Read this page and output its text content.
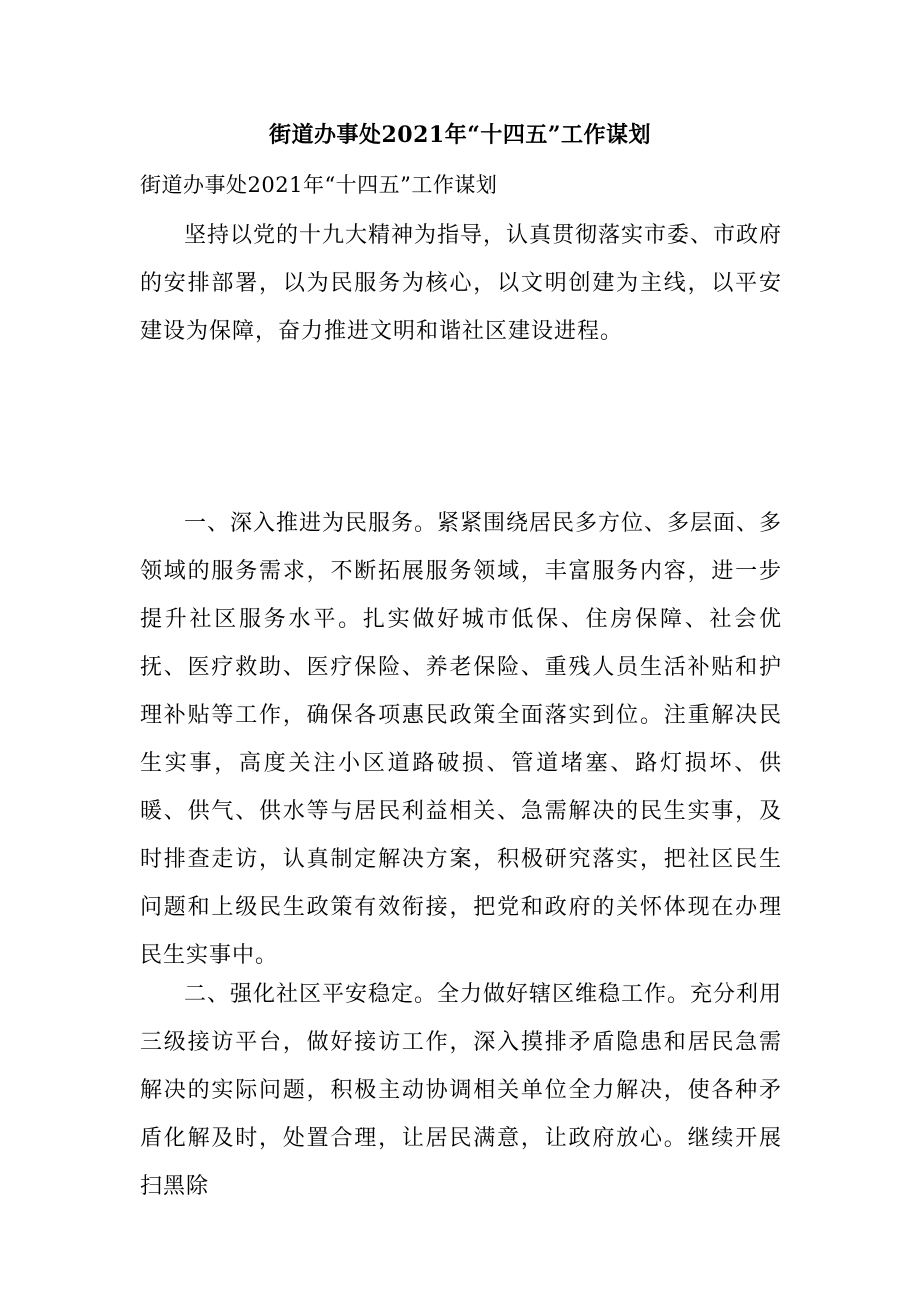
街道办事处2021年“十四五”工作谋划
街道办事处2021年“十四五”工作谋划

坚持以党的十九大精神为指导，认真贯彻落实市委、市政府的安排部署，以为民服务为核心，以文明创建为主线，以平安建设为保障，奋力推进文明和谐社区建设进程。

一、深入推进为民服务。紧紧围绕居民多方位、多层面、多领域的服务需求，不断拓展服务领域，丰富服务内容，进一步提升社区服务水平。扎实做好城市低保、住房保障、社会优抚、医疗救助、医疗保险、养老保险、重残人员生活补贴和护理补贴等工作，确保各项惠民政策全面落实到位。注重解决民生实事，高度关注小区道路破损、管道堵塞、路灯损坏、供暖、供气、供水等与居民利益相关、急需解决的民生实事，及时排查走访，认真制定解决方案，积极研究落实，把社区民生问题和上级民生政策有效衔接，把党和政府的关怀体现在办理民生实事中。

二、强化社区平安稳定。全力做好辖区维稳工作。充分利用三级接访平台，做好接访工作，深入摸排矛盾隐患和居民急需解决的实际问题，积极主动协调相关单位全力解决，使各种矛盾化解及时，处置合理，让居民满意，让政府放心。继续开展扫黑除
